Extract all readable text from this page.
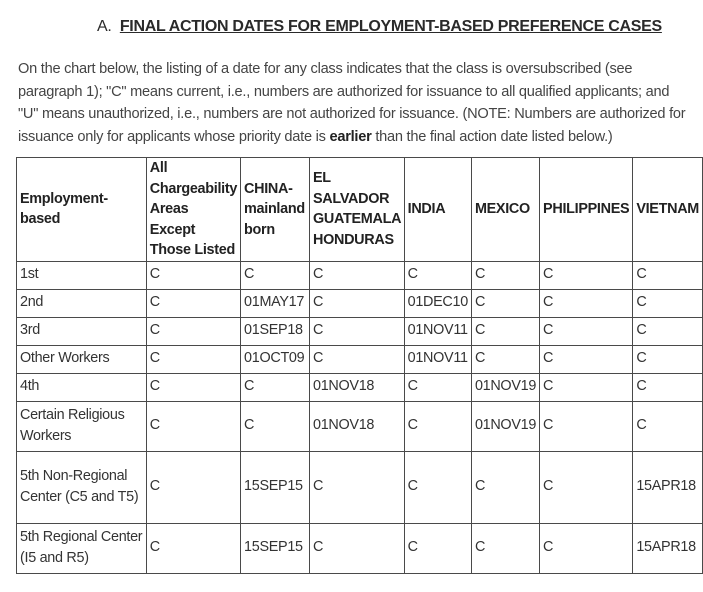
A. FINAL ACTION DATES FOR EMPLOYMENT-BASED PREFERENCE CASES
On the chart below, the listing of a date for any class indicates that the class is oversubscribed (see paragraph 1); "C" means current, i.e., numbers are authorized for issuance to all qualified applicants; and "U" means unauthorized, i.e., numbers are not authorized for issuance. (NOTE: Numbers are authorized for issuance only for applicants whose priority date is earlier than the final action date listed below.)
Employment-based	All Chargeability Areas Except Those Listed	CHINA-mainland born	EL SALVADOR GUATEMALA HONDURAS	INDIA	MEXICO	PHILIPPINES	VIETNAM
1st	C	C	C	C	C	C	C
2nd	C	01MAY17	C	01DEC10	C	C	C
3rd	C	01SEP18	C	01NOV11	C	C	C
Other Workers	C	01OCT09	C	01NOV11	C	C	C
4th	C	C	01NOV18	C	01NOV19	C	C
Certain Religious Workers	C	C	01NOV18	C	01NOV19	C	C
5th Non-Regional Center (C5 and T5)	C	15SEP15	C	C	C	C	15APR18
5th Regional Center (I5 and R5)	C	15SEP15	C	C	C	C	15APR18
